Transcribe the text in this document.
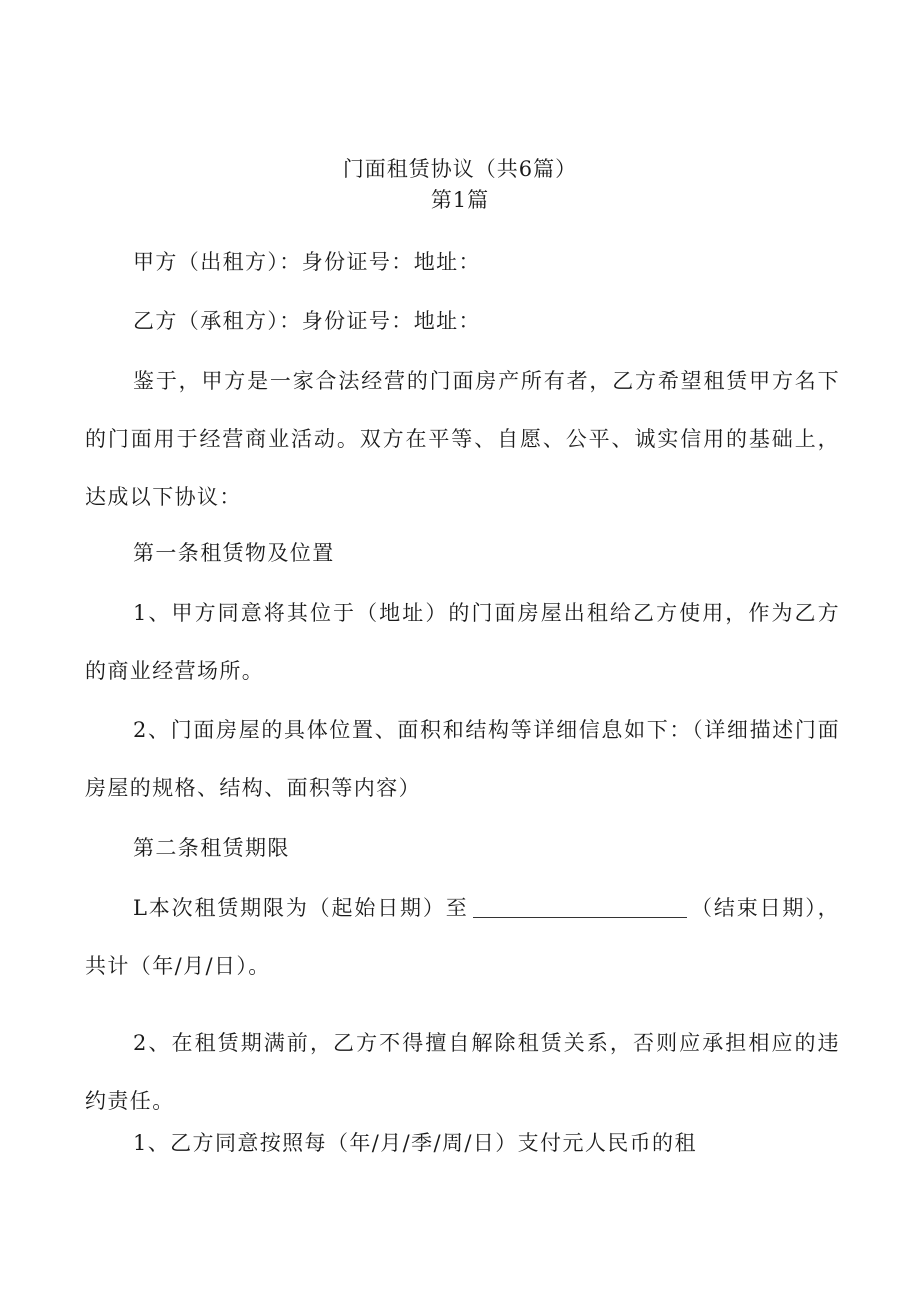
门面租赁协议（共6篇）
第1篇

甲方（出租方）：身份证号：地址：

乙方（承租方）：身份证号：地址：

鉴于，甲方是一家合法经营的门面房产所有者，乙方希望租赁甲方名下的门面用于经营商业活动。双方在平等、自愿、公平、诚实信用的基础上，达成以下协议：

第一条租赁物及位置

1、甲方同意将其位于（地址）的门面房屋出租给乙方使用，作为乙方的商业经营场所。

2、门面房屋的具体位置、面积和结构等详细信息如下：（详细描述门面房屋的规格、结构、面积等内容）

第二条租赁期限

L本次租赁期限为（起始日期）至	（结束日期），共计（年/月/日）。

2、在租赁期满前，乙方不得擅自解除租赁关系，否则应承担相应的违约责任。

1、乙方同意按照每（年/月/季/周/日）支付元人民币的租
